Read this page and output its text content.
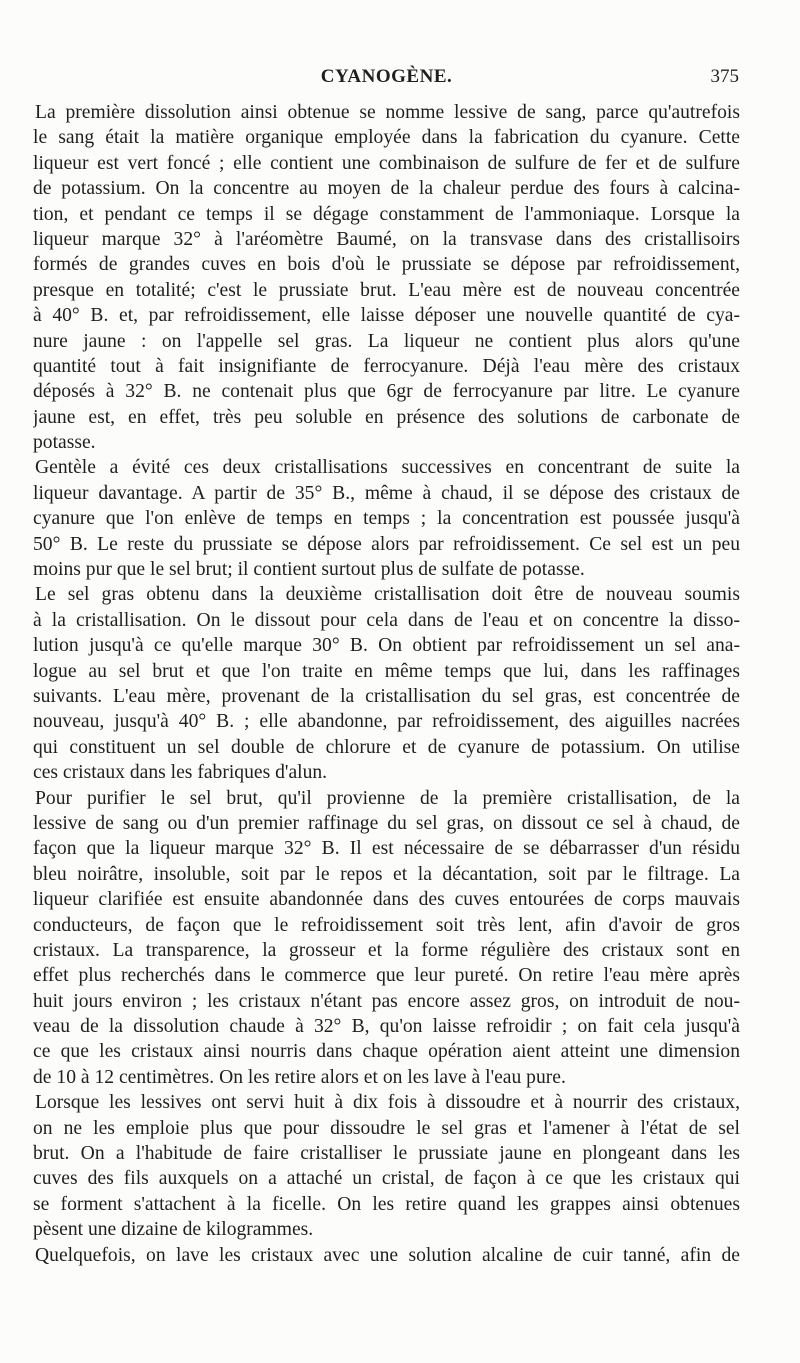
CYANOGÈNE.	375
La première dissolution ainsi obtenue se nomme lessive de sang, parce qu'autrefois
le sang était la matière organique employée dans la fabrication du cyanure. Cette
liqueur est vert foncé ; elle contient une combinaison de sulfure de fer et de sulfure
de potassium. On la concentre au moyen de la chaleur perdue des fours à calcina-
tion, et pendant ce temps il se dégage constamment de l'ammoniaque. Lorsque la
liqueur marque 32° à l'aréomètre Baumé, on la transvase dans des cristallisoirs
formés de grandes cuves en bois d'où le prussiate se dépose par refroidissement,
presque en totalité; c'est le prussiate brut. L'eau mère est de nouveau concentrée
à 40° B. et, par refroidissement, elle laisse déposer une nouvelle quantité de cya-
nure jaune : on l'appelle sel gras. La liqueur ne contient plus alors qu'une
quantité tout à fait insignifiante de ferrocyanure. Déjà l'eau mère des cristaux
déposés à 32° B. ne contenait plus que 6gr de ferrocyanure par litre. Le cyanure
jaune est, en effet, très peu soluble en présence des solutions de carbonate de
potasse.
Gentèle a évité ces deux cristallisations successives en concentrant de suite la
liqueur davantage. A partir de 35° B., même à chaud, il se dépose des cristaux de
cyanure que l'on enlève de temps en temps ; la concentration est poussée jusqu'à
50° B. Le reste du prussiate se dépose alors par refroidissement. Ce sel est un peu
moins pur que le sel brut; il contient surtout plus de sulfate de potasse.
Le sel gras obtenu dans la deuxième cristallisation doit être de nouveau soumis
à la cristallisation. On le dissout pour cela dans de l'eau et on concentre la disso-
lution jusqu'à ce qu'elle marque 30° B. On obtient par refroidissement un sel ana-
logue au sel brut et que l'on traite en même temps que lui, dans les raffinages
suivants. L'eau mère, provenant de la cristallisation du sel gras, est concentrée de
nouveau, jusqu'à 40° B. ; elle abandonne, par refroidissement, des aiguilles nacrées
qui constituent un sel double de chlorure et de cyanure de potassium. On utilise
ces cristaux dans les fabriques d'alun.
Pour purifier le sel brut, qu'il provienne de la première cristallisation, de la
lessive de sang ou d'un premier raffinage du sel gras, on dissout ce sel à chaud, de
façon que la liqueur marque 32° B. Il est nécessaire de se débarrasser d'un résidu
bleu noirâtre, insoluble, soit par le repos et la décantation, soit par le filtrage. La
liqueur clarifiée est ensuite abandonnée dans des cuves entourées de corps mauvais
conducteurs, de façon que le refroidissement soit très lent, afin d'avoir de gros
cristaux. La transparence, la grosseur et la forme régulière des cristaux sont en
effet plus recherchés dans le commerce que leur pureté. On retire l'eau mère après
huit jours environ ; les cristaux n'étant pas encore assez gros, on introduit de nou-
veau de la dissolution chaude à 32° B, qu'on laisse refroidir ; on fait cela jusqu'à
ce que les cristaux ainsi nourris dans chaque opération aient atteint une dimension
de 10 à 12 centimètres. On les retire alors et on les lave à l'eau pure.
Lorsque les lessives ont servi huit à dix fois à dissoudre et à nourrir des cristaux,
on ne les emploie plus que pour dissoudre le sel gras et l'amener à l'état de sel
brut. On a l'habitude de faire cristalliser le prussiate jaune en plongeant dans les
cuves des fils auxquels on a attaché un cristal, de façon à ce que les cristaux qui
se forment s'attachent à la ficelle. On les retire quand les grappes ainsi obtenues
pèsent une dizaine de kilogrammes.
Quelquefois, on lave les cristaux avec une solution alcaline de cuir tanné, afin de
